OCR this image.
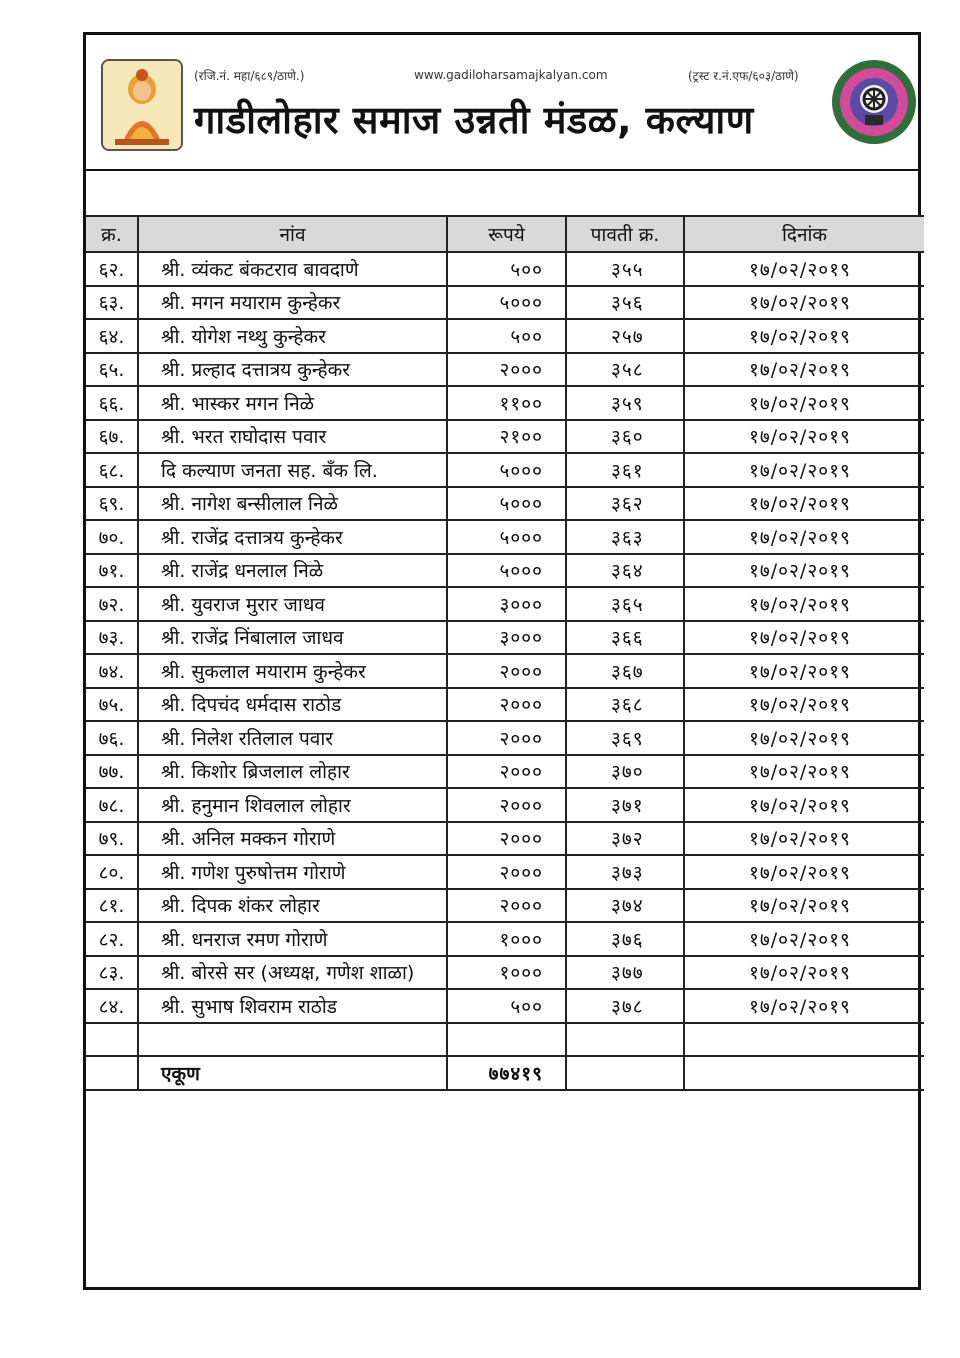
(रजि.नं. महा/६८९/ठाणे.)	www.gadiloharsamajkalyan.com	(ट्रस्ट र.नं.एफ/६०३/ठाणे)
गाडीलोहार समाज उन्नती मंडळ, कल्याण
क्र.	नांव	रूपये	पावती क्र.	दिनांक
६२.	श्री. व्यंकट बंकटराव बावदाणे	५००	३५५	१७/०२/२०१९
६३.	श्री. मगन मयाराम कुन्हेकर	५०००	३५६	१७/०२/२०१९
६४.	श्री. योगेश नथ्थु कुन्हेकर	५००	२५७	१७/०२/२०१९
६५.	श्री. प्रल्हाद दत्तात्रय कुन्हेकर	२०००	३५८	१७/०२/२०१९
६६.	श्री. भास्कर मगन निळे	११००	३५९	१७/०२/२०१९
६७.	श्री. भरत राघोदास पवार	२१००	३६०	१७/०२/२०१९
६८.	दि कल्याण जनता सह. बँक लि.	५०००	३६१	१७/०२/२०१९
६९.	श्री. नागेश बन्सीलाल निळे	५०००	३६२	१७/०२/२०१९
७०.	श्री. राजेंद्र दत्तात्रय कुन्हेकर	५०००	३६३	१७/०२/२०१९
७१.	श्री. राजेंद्र धनलाल निळे	५०००	३६४	१७/०२/२०१९
७२.	श्री. युवराज मुरार जाधव	३०००	३६५	१७/०२/२०१९
७३.	श्री. राजेंद्र निंबालाल जाधव	३०००	३६६	१७/०२/२०१९
७४.	श्री. सुकलाल मयाराम कुन्हेकर	२०००	३६७	१७/०२/२०१९
७५.	श्री. दिपचंद धर्मदास राठोड	२०००	३६८	१७/०२/२०१९
७६.	श्री. निलेश रतिलाल पवार	२०००	३६९	१७/०२/२०१९
७७.	श्री. किशोर ब्रिजलाल लोहार	२०००	३७०	१७/०२/२०१९
७८.	श्री. हनुमान शिवलाल लोहार	२०००	३७१	१७/०२/२०१९
७९.	श्री. अनिल मक्कन गोराणे	२०००	३७२	१७/०२/२०१९
८०.	श्री. गणेश पुरुषोत्तम गोराणे	२०००	३७३	१७/०२/२०१९
८१.	श्री. दिपक शंकर लोहार	२०००	३७४	१७/०२/२०१९
८२.	श्री. धनराज रमण गोराणे	१०००	३७६	१७/०२/२०१९
८३.	श्री. बोरसे सर (अध्यक्ष, गणेश शाळा)	१०००	३७७	१७/०२/२०१९
८४.	श्री. सुभाष शिवराम राठोड	५००	३७८	१७/०२/२०१९

	एकूण	७७४१९		
